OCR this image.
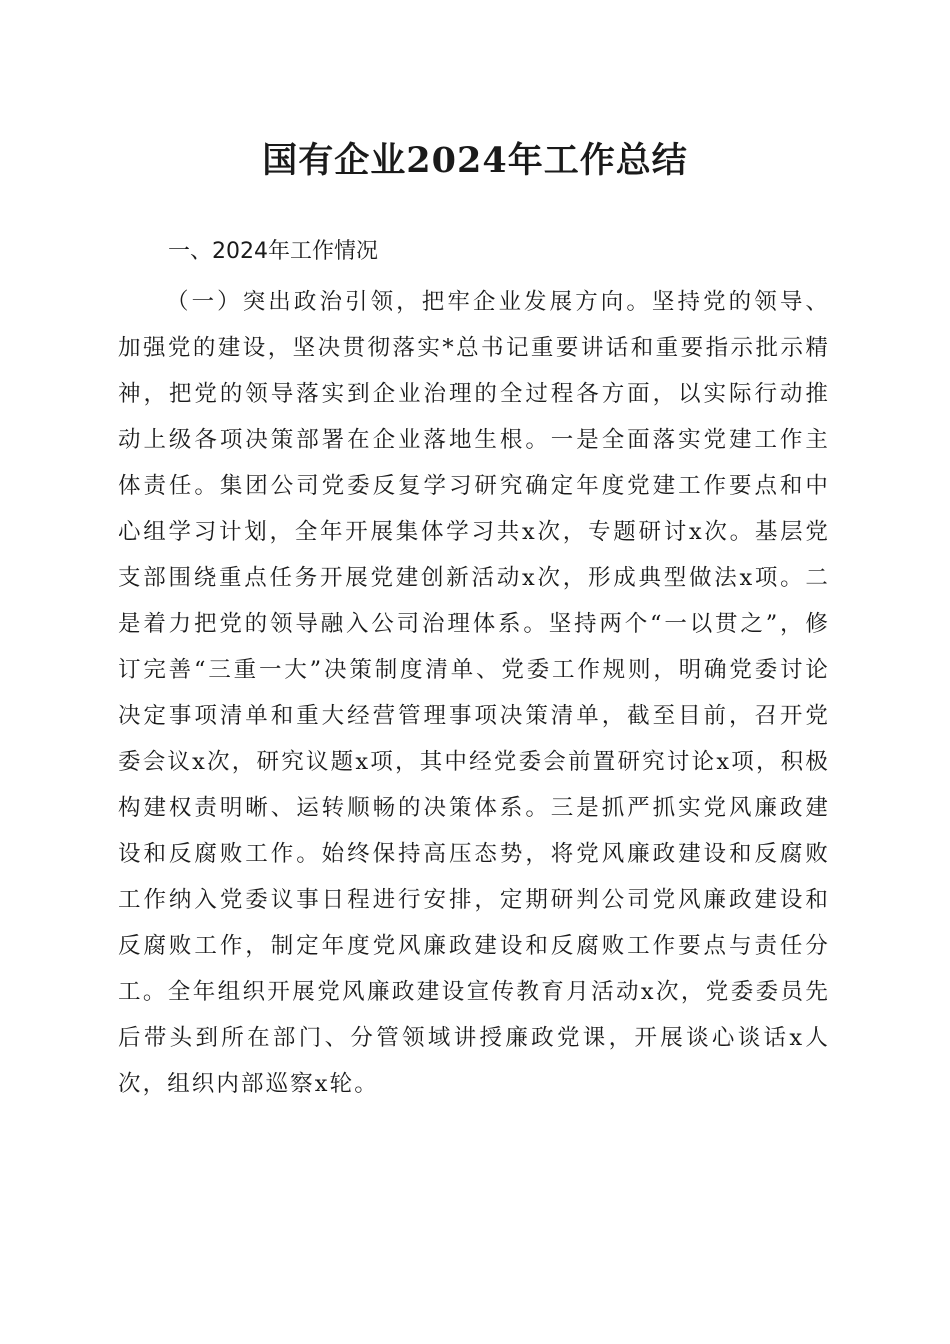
国有企业2024年工作总结

一、2024年工作情况

（一）突出政治引领，把牢企业发展方向。坚持党的领导、加强党的建设，坚决贯彻落实*总书记重要讲话和重要指示批示精神，把党的领导落实到企业治理的全过程各方面，以实际行动推动上级各项决策部署在企业落地生根。一是全面落实党建工作主体责任。集团公司党委反复学习研究确定年度党建工作要点和中心组学习计划，全年开展集体学习共x次，专题研讨x次。基层党支部围绕重点任务开展党建创新活动x次，形成典型做法x项。二是着力把党的领导融入公司治理体系。坚持两个“一以贯之”，修订完善“三重一大”决策制度清单、党委工作规则，明确党委讨论决定事项清单和重大经营管理事项决策清单，截至目前，召开党委会议x次，研究议题x项，其中经党委会前置研究讨论x项，积极构建权责明晰、运转顺畅的决策体系。三是抓严抓实党风廉政建设和反腐败工作。始终保持高压态势，将党风廉政建设和反腐败工作纳入党委议事日程进行安排，定期研判公司党风廉政建设和反腐败工作，制定年度党风廉政建设和反腐败工作要点与责任分工。全年组织开展党风廉政建设宣传教育月活动x次，党委委员先后带头到所在部门、分管领域讲授廉政党课，开展谈心谈话x人次，组织内部巡察x轮。
